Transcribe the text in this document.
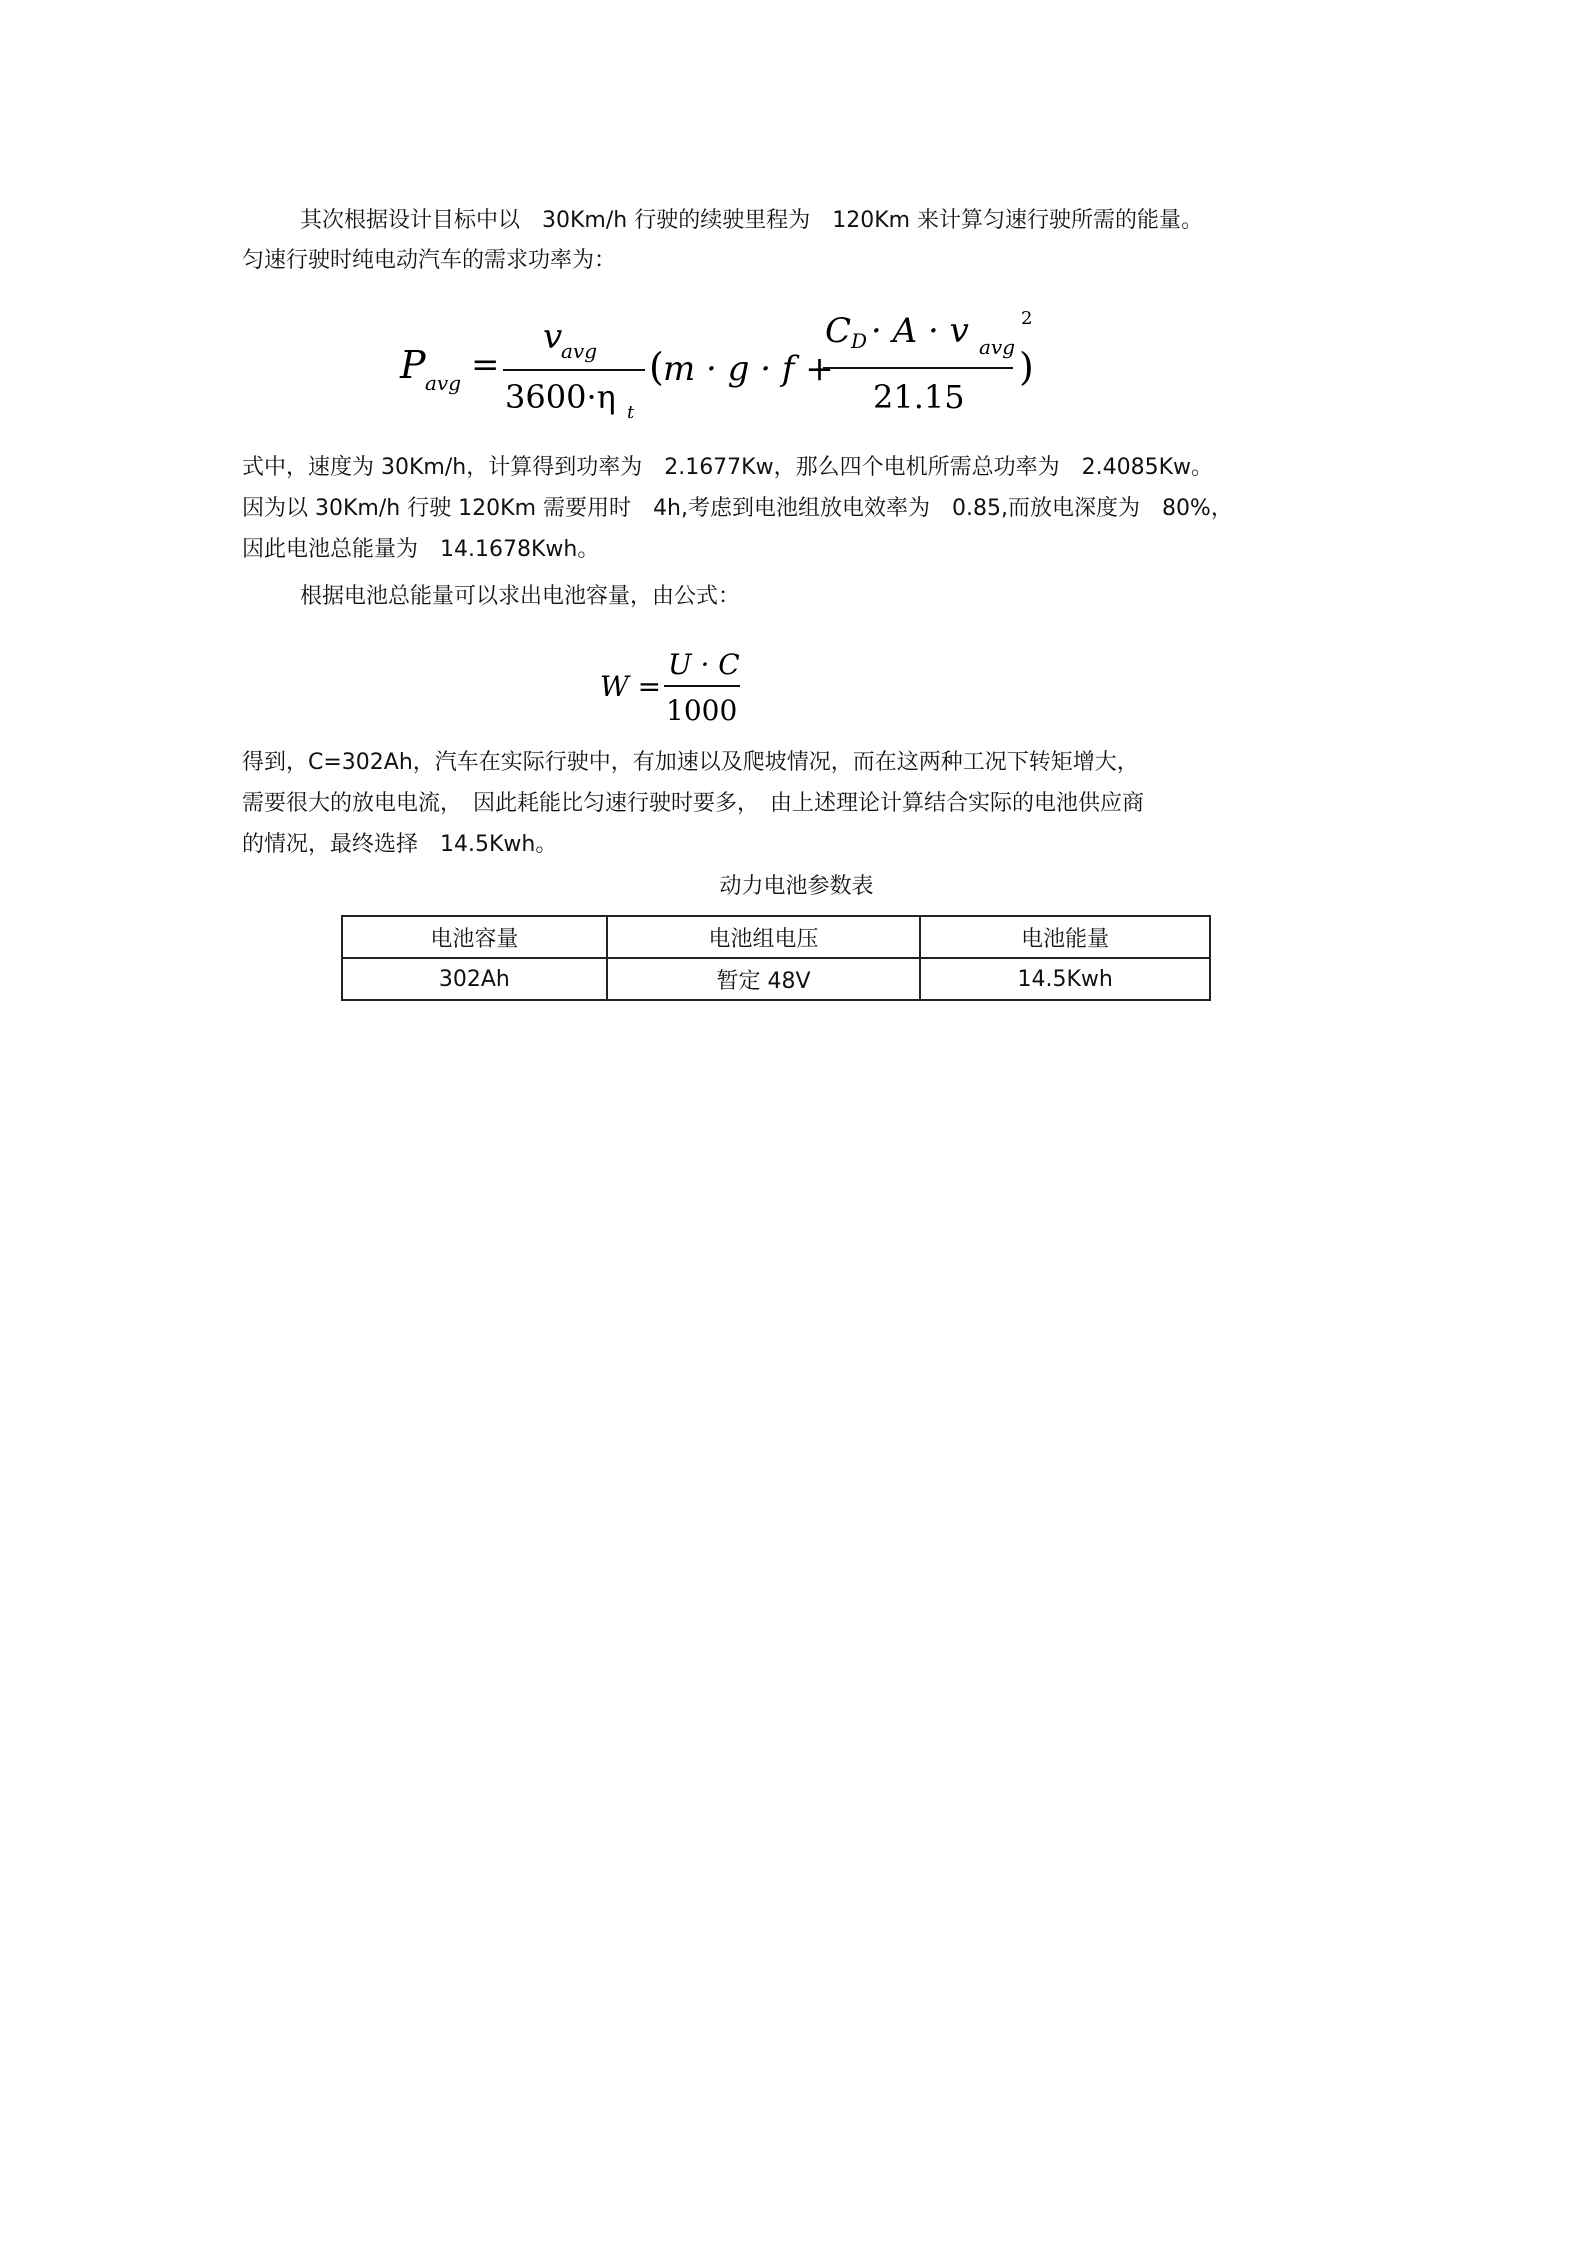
其次根据设计目标中以　30Km/h 行驶的续驶里程为　120Km 来计算匀速行驶所需的能量。
匀速行驶时纯电动汽车的需求功率为：
P avg =
v
avg
3600·η t
( m · g · f +
C D · A · v avg
2
21.15
)
式中，速度为 30Km/h，计算得到功率为　2.1677Kw，那么四个电机所需总功率为　2.4085Kw。
因为以 30Km/h 行驶 120Km 需要用时　4h,考虑到电池组放电效率为　0.85,而放电深度为　80%，
因此电池总能量为　14.1678Kwh。
根据电池总能量可以求出电池容量，由公式：
W =
U · C
1000
得到，C=302Ah，汽车在实际行驶中，有加速以及爬坡情况，而在这两种工况下转矩增大，
需要很大的放电电流，　因此耗能比匀速行驶时要多，　由上述理论计算结合实际的电池供应商
的情况，最终选择　14.5Kwh。
动力电池参数表
电池容量	电池组电压	电池能量
302Ah	暂定 48V	14.5Kwh
